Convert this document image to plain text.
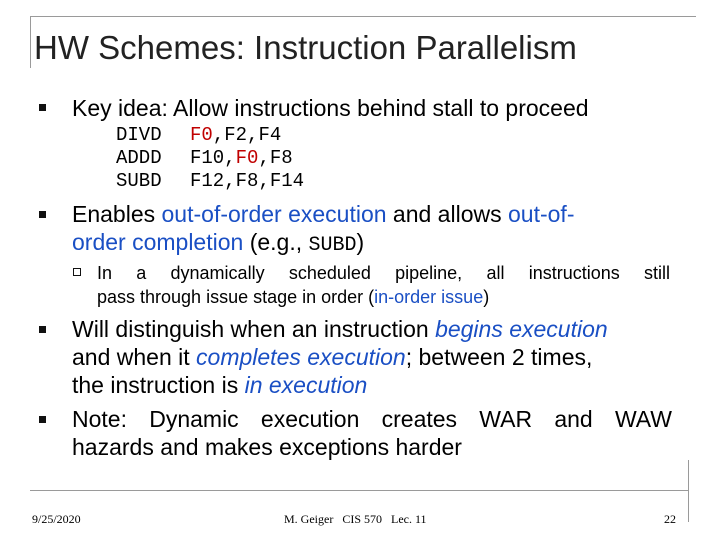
HW Schemes: Instruction Parallelism
Key idea: Allow instructions behind stall to proceed
DIVD F0,F2,F4
ADDD F10,F0,F8
SUBD F12,F8,F14
Enables out-of-order execution and allows out-of-
order completion (e.g., SUBD)
In a dynamically scheduled pipeline, all instructions still
pass through issue stage in order (in-order issue)
Will distinguish when an instruction begins execution
and when it completes execution; between 2 times,
the instruction is in execution
Note: Dynamic execution creates WAR and WAW
hazards and makes exceptions harder
9/25/2020	M. Geiger   CIS 570   Lec. 11	22
